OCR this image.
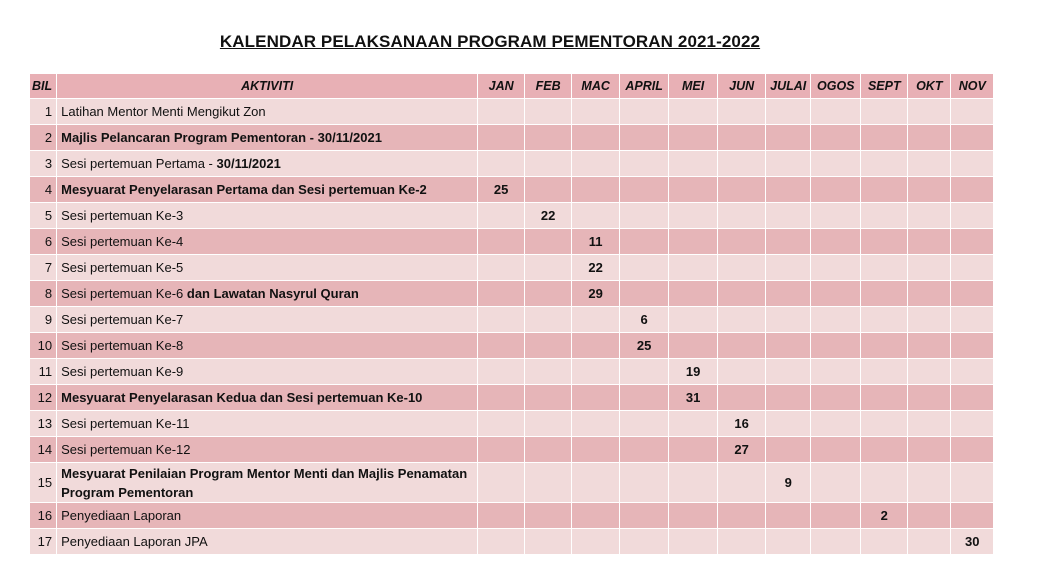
KALENDAR PELAKSANAAN PROGRAM PEMENTORAN 2021-2022
BIL	AKTIVITI	JAN	FEB	MAC	APRIL	MEI	JUN	JULAI	OGOS	SEPT	OKT	NOV
1	Latihan Mentor Menti Mengikut Zon											
2	Majlis Pelancaran Program Pementoran - 30/11/2021											
3	Sesi pertemuan Pertama - 30/11/2021											
4	Mesyuarat Penyelarasan Pertama dan Sesi pertemuan Ke-2	25										
5	Sesi pertemuan Ke-3		22									
6	Sesi pertemuan Ke-4			11								
7	Sesi pertemuan Ke-5			22								
8	Sesi pertemuan Ke-6 dan Lawatan Nasyrul Quran			29								
9	Sesi pertemuan Ke-7				6							
10	Sesi pertemuan Ke-8				25							
11	Sesi pertemuan Ke-9					19						
12	Mesyuarat Penyelarasan Kedua dan Sesi pertemuan Ke-10					31						
13	Sesi pertemuan Ke-11						16					
14	Sesi pertemuan Ke-12						27					
15	Mesyuarat Penilaian Program Mentor Menti dan Majlis Penamatan Program Pementoran							9				
16	Penyediaan Laporan									2		
17	Penyediaan Laporan JPA											30
